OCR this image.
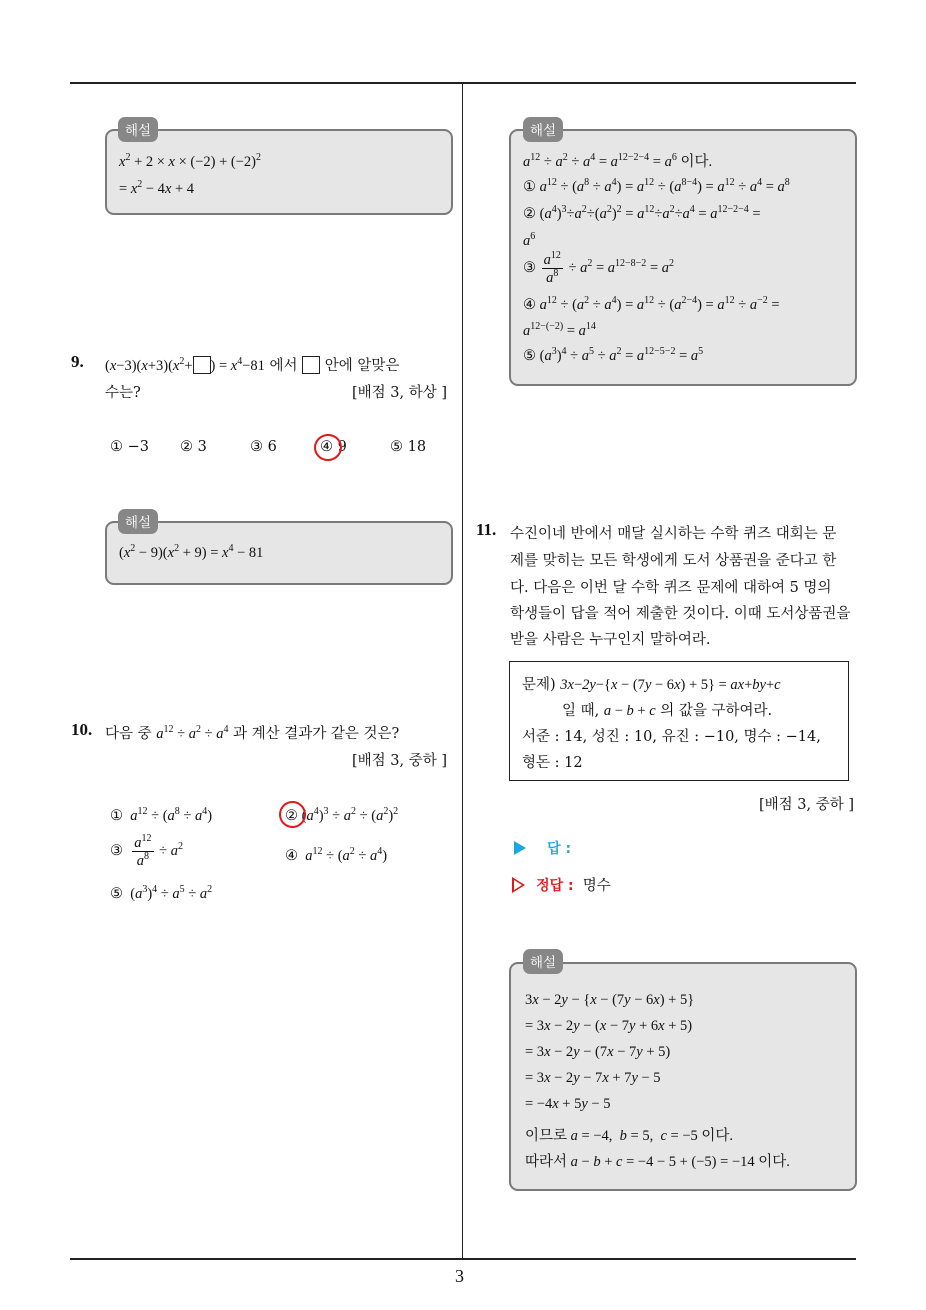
3
$x^2 + 2 \times x \times (-2) + (-2)^2$
= $x^2 - 4x + 4$
해설
9. $(x-3)(x+3)(x^2+$ ) = $x^4-81$ 에서 안에 알맞은
수는?	[배점 3, 하상 ]
① −3 ② 3	③ 6	④ 9	⑤ 18
$(x^2 - 9)(x^2 + 9) = x^4 - 81$
해설
10. 다음 중 $a^{12} \div a^2 \div a^4$ 과 계산 결과가 같은 것은?
[배점 3, 중하 ]
①  $a^{12} \div (a^8 \div a^4)$	② $(a^4)^3 \div a^2 \div (a^2)^2$
③ $\frac{a^{12}}{a^8} \div a^2$
④  $a^{12} \div (a^2 \div a^4)$
⑤  $(a^3)^4 \div a^5 \div a^2$
$a^{12} \div a^2 \div a^4 = a^{12-2-4} = a^6$ 이다.
① $a^{12} \div (a^8 \div a^4) = a^{12} \div (a^{8-4}) = a^{12} \div a^4 = a^8$
② $(a^4)^3\div a^2\div(a^2)^2 = a^{12}\div a^2\div a^4 = a^{12-2-4}$ =
$a^6$
③ $\frac{a^{12}}{a^8} \div a^2 = a^{12-8-2} = a^2$
④ $a^{12} \div (a^2 \div a^4) = a^{12} \div (a^{2-4}) = a^{12} \div a^{-2}$ =
$a^{12-(-2)} = a^{14}$
⑤ $(a^3)^4 \div a^5 \div a^2 = a^{12-5-2} = a^5$
해설
11. 수진이네 반에서 매달 실시하는 수학 퀴즈 대회는 문
제를 맞히는 모든 학생에게 도서 상품권을 준다고 한
다. 다음은 이번 달 수학 퀴즈 문제에 대하여 5 명의
학생들이 답을 적어 제출한 것이다. 이때 도서상품권을
받을 사람은 누구인지 말하여라.
문제) 3x−2y−{x − (7y − 6x) + 5} = ax+by+c
일 때, a − b + c 의 값을 구하여라.
서준 : 14, 성진 : 10, 유진 : −10, 명수 : −14,
형돈 : 12
[배점 3, 중하 ]
답 :
정답 : 명수
3x − 2y − {x − (7y − 6x) + 5}
= 3x − 2y − (x − 7y + 6x + 5)
= 3x − 2y − (7x − 7y + 5)
= 3x − 2y − 7x + 7y − 5
= −4x + 5y − 5
이므로 a = −4,  b = 5,  c = −5 이다.
따라서 a − b + c = −4 − 5 + (−5) = −14 이다.
해설
